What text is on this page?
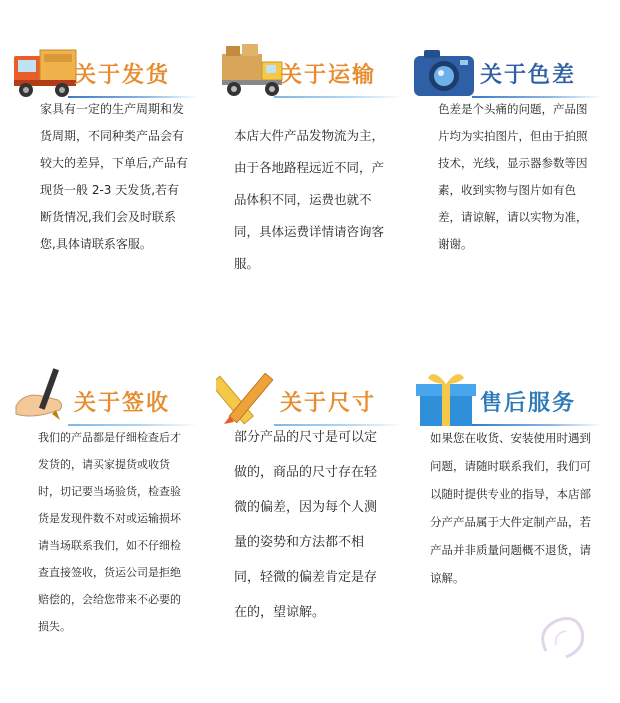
关于发货
家具有一定的生产周期和发货周期，不同种类产品会有较大的差异，下单后,产品有现货一般 2-3 天发货,若有断货情况,我们会及时联系您,具体请联系客服。
关于运输
本店大件产品发物流为主，由于各地路程远近不同，产品体积不同，运费也就不同，具体运费详情请咨询客服。
关于色差
色差是个头痛的问题，产品图片均为实拍图片，但由于拍照技术，光线，显示器参数等因素，收到实物与图片如有色差，请谅解，请以实物为准，谢谢。
关于签收
我们的产品都是仔细检查后才发货的，请买家提货或收货时，切记要当场验货，检查验货是发现件数不对或运输损坏请当场联系我们，如不仔细检查直接签收，货运公司是拒绝赔偿的，会给您带来不必要的损失。
关于尺寸
部分产品的尺寸是可以定做的，商品的尺寸存在轻微的偏差，因为每个人测量的姿势和方法都不相同，轻微的偏差肯定是存在的，望谅解。
售后服务
如果您在收货、安装使用时遇到问题，请随时联系我们，我们可以随时提供专业的指导，本店部分产产品属于大件定制产品，若产品并非质量问题概不退货，请谅解。
